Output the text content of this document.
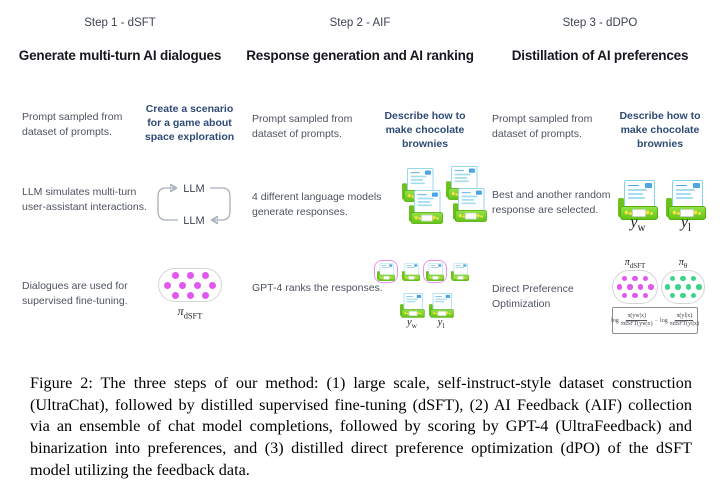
Step 1 - dSFT	Step 2 - AIF	Step 3 - dDPO
Generate multi-turn AI dialogues	Response generation and AI ranking	Distillation of AI preferences
Prompt sampled from dataset of prompts.
Create a scenario for a game about space exploration
Prompt sampled from dataset of prompts.
Describe how to make chocolate brownies
Prompt sampled from dataset of prompts.
Describe how to make chocolate brownies
LLM simulates multi-turn user-assistant interactions.
LLM
LLM
4 different language models generate responses.
Best and another random response are selected.
$y_w$	$y_l$
Dialogues are used for supervised fine-tuning.
$\pi_{dSFT}$
GPT-4 ranks the responses.
$y_w$	$y_l$
Direct Preference Optimization
$\pi_{dSFT}$	$\pi_\theta$
$\log \frac{\pi(yw|x)}{\text{πdSFT(yw|x)}} - \log \frac{\pi(yl|x)}{\text{πdSFT(yl|x)}}$

Figure 2: The three steps of our method: (1) large scale, self-instruct-style dataset construction (UltraChat), followed by distilled supervised fine-tuning (dSFT), (2) AI Feedback (AIF) collection via an ensemble of chat model completions, followed by scoring by GPT-4 (UltraFeedback) and binarization into preferences, and (3) distilled direct preference optimization (dPO) of the dSFT model utilizing the feedback data.
